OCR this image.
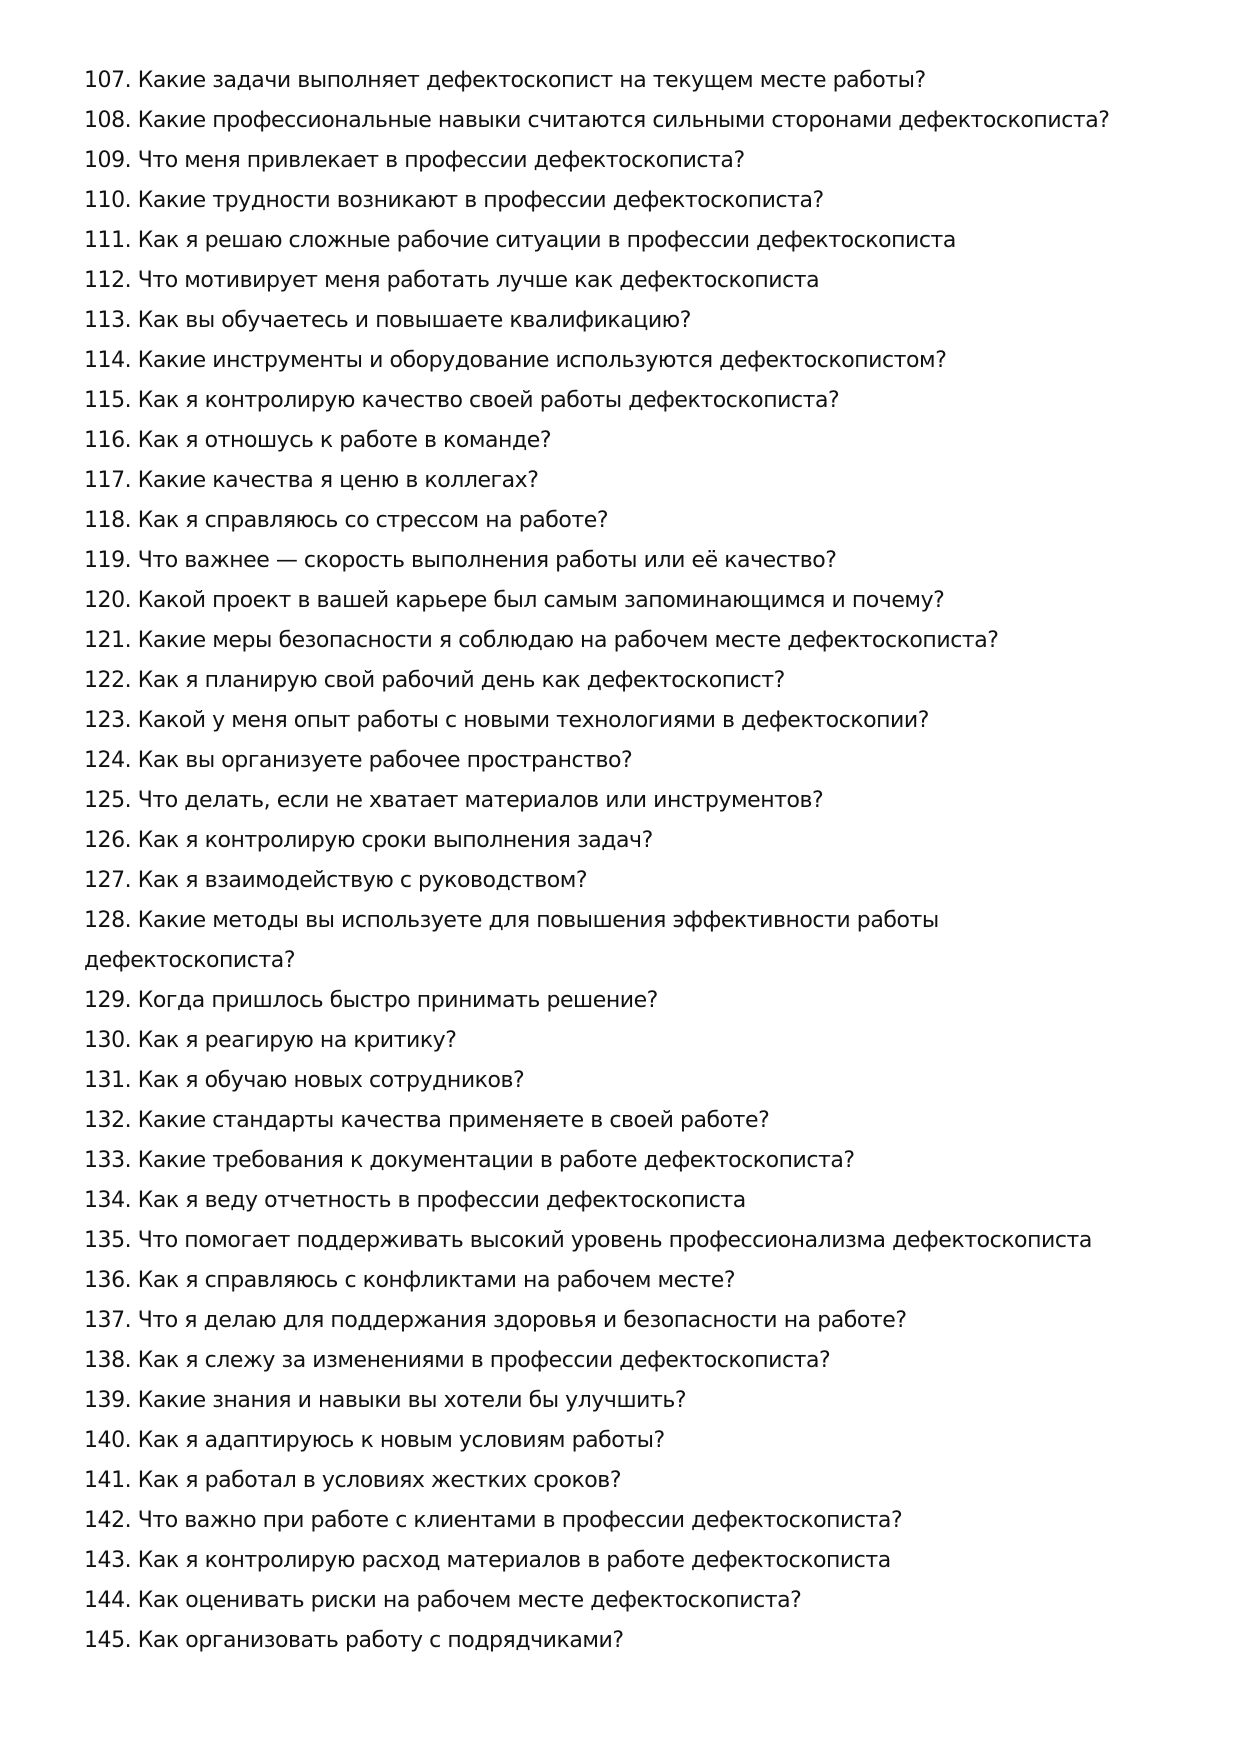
107. Какие задачи выполняет дефектоскопист на текущем месте работы?
108. Какие профессиональные навыки считаются сильными сторонами дефектоскописта?
109. Что меня привлекает в профессии дефектоскописта?
110. Какие трудности возникают в профессии дефектоскописта?
111. Как я решаю сложные рабочие ситуации в профессии дефектоскописта
112. Что мотивирует меня работать лучше как дефектоскописта
113. Как вы обучаетесь и повышаете квалификацию?
114. Какие инструменты и оборудование используются дефектоскопистом?
115. Как я контролирую качество своей работы дефектоскописта?
116. Как я отношусь к работе в команде?
117. Какие качества я ценю в коллегах?
118. Как я справляюсь со стрессом на работе?
119. Что важнее — скорость выполнения работы или её качество?
120. Какой проект в вашей карьере был самым запоминающимся и почему?
121. Какие меры безопасности я соблюдаю на рабочем месте дефектоскописта?
122. Как я планирую свой рабочий день как дефектоскопист?
123. Какой у меня опыт работы с новыми технологиями в дефектоскопии?
124. Как вы организуете рабочее пространство?
125. Что делать, если не хватает материалов или инструментов?
126. Как я контролирую сроки выполнения задач?
127. Как я взаимодействую с руководством?
128. Какие методы вы используете для повышения эффективности работы
дефектоскописта?
129. Когда пришлось быстро принимать решение?
130. Как я реагирую на критику?
131. Как я обучаю новых сотрудников?
132. Какие стандарты качества применяете в своей работе?
133. Какие требования к документации в работе дефектоскописта?
134. Как я веду отчетность в профессии дефектоскописта
135. Что помогает поддерживать высокий уровень профессионализма дефектоскописта
136. Как я справляюсь с конфликтами на рабочем месте?
137. Что я делаю для поддержания здоровья и безопасности на работе?
138. Как я слежу за изменениями в профессии дефектоскописта?
139. Какие знания и навыки вы хотели бы улучшить?
140. Как я адаптируюсь к новым условиям работы?
141. Как я работал в условиях жестких сроков?
142. Что важно при работе с клиентами в профессии дефектоскописта?
143. Как я контролирую расход материалов в работе дефектоскописта
144. Как оценивать риски на рабочем месте дефектоскописта?
145. Как организовать работу с подрядчиками?
